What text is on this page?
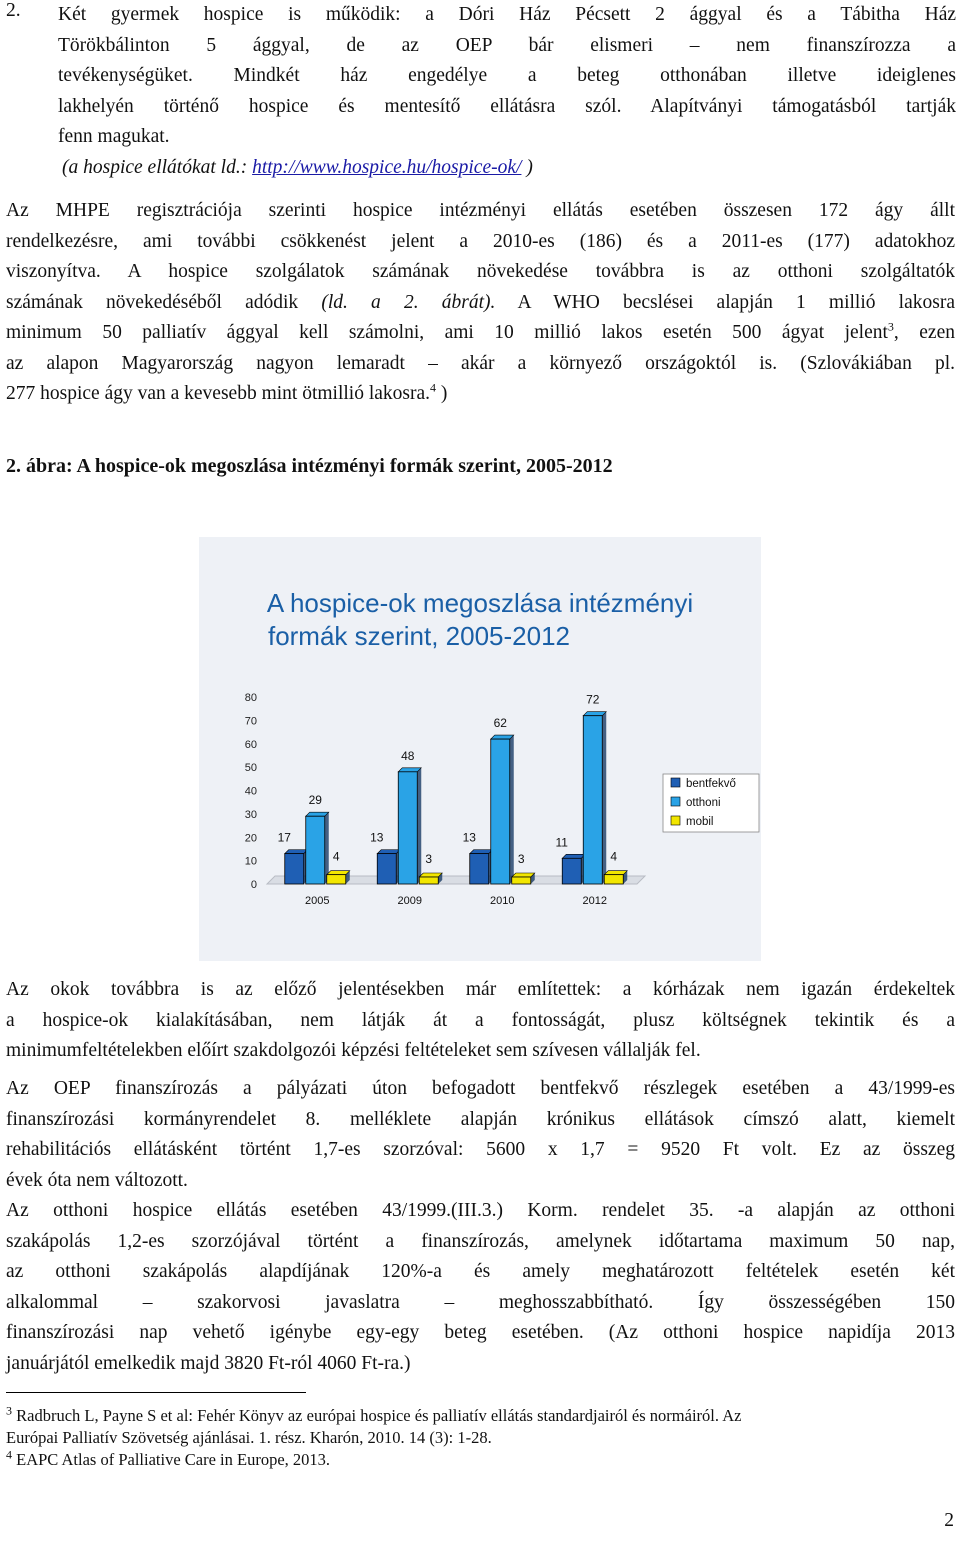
2. Két gyermek hospice is működik: a Dóri Ház Pécsett 2 ággyal és a Tábitha Ház
Törökbálinton 5 ággyal, de az OEP bár elismeri – nem finanszírozza a
tevékenységüket. Mindkét ház engedélye a beteg otthonában illetve ideiglenes
lakhelyén történő hospice és mentesítő ellátásra szól. Alapítványi támogatásból tartják
fenn magukat.
(a hospice ellátókat ld.: http://www.hospice.hu/hospice-ok/ )
Az MHPE regisztrációja szerinti hospice intézményi ellátás esetében összesen 172 ágy állt
rendelkezésre, ami további csökkenést jelent a 2010-es (186) és a 2011-es (177) adatokhoz
viszonyítva. A hospice szolgálatok számának növekedése továbbra is az otthoni szolgáltatók
számának növekedéséből adódik (ld. a 2. ábrát). A WHO becslései alapján 1 millió lakosra
minimum 50 palliatív ággyal kell számolni, ami 10 millió lakos esetén 500 ágyat jelent$^3$, ezen
az alapon Magyarország nagyon lemaradt – akár a környező országoktól is. (Szlovákiában pl.
277 hospice ágy van a kevesebb mint ötmillió lakosra.$^4$ )
2. ábra: A hospice-ok megoszlása intézményi formák szerint, 2005-2012
A hospice-ok megoszlása intézményi
formák szerint, 2005-2012
0
10
20
30
40
50
60
70
80
17
29
4
2005
13
48
3
2009
13
62
3
2010
11
72
4
2012
bentfekvő
otthoni
mobil
Az okok továbbra is az előző jelentésekben már említettek: a kórházak nem igazán érdekeltek
a hospice-ok kialakításában, nem látják át a fontosságát, plusz költségnek tekintik és a
minimumfeltételekben előírt szakdolgozói képzési feltételeket sem szívesen vállalják fel.
Az OEP finanszírozás a pályázati úton befogadott bentfekvő részlegek esetében a 43/1999-es
finanszírozási kormányrendelet 8. melléklete alapján krónikus ellátások címszó alatt, kiemelt
rehabilitációs ellátásként történt 1,7-es szorzóval: 5600 x 1,7 = 9520 Ft volt. Ez az összeg
évek óta nem változott.
Az otthoni hospice ellátás esetében 43/1999.(III.3.) Korm. rendelet 35. -a alapján az otthoni
szakápolás 1,2-es szorzójával történt a finanszírozás, amelynek időtartama maximum 50 nap,
az otthoni szakápolás alapdíjának 120%-a és amely meghatározott feltételek esetén két
alkalommal – szakorvosi javaslatra – meghosszabbítható. Így összességében 150
finanszírozási nap vehető igénybe egy-egy beteg esetében. (Az otthoni hospice napidíja 2013
januárjától emelkedik majd 3820 Ft-ról 4060 Ft-ra.)
$^3$ Radbruch L, Payne S et al: Fehér Könyv az európai hospice és palliatív ellátás standardjairól és normáiról. Az
Európai Palliatív Szövetség ajánlásai. 1. rész. Kharón, 2010. 14 (3): 1-28.
$^4$ EAPC Atlas of Palliative Care in Europe, 2013.
2
